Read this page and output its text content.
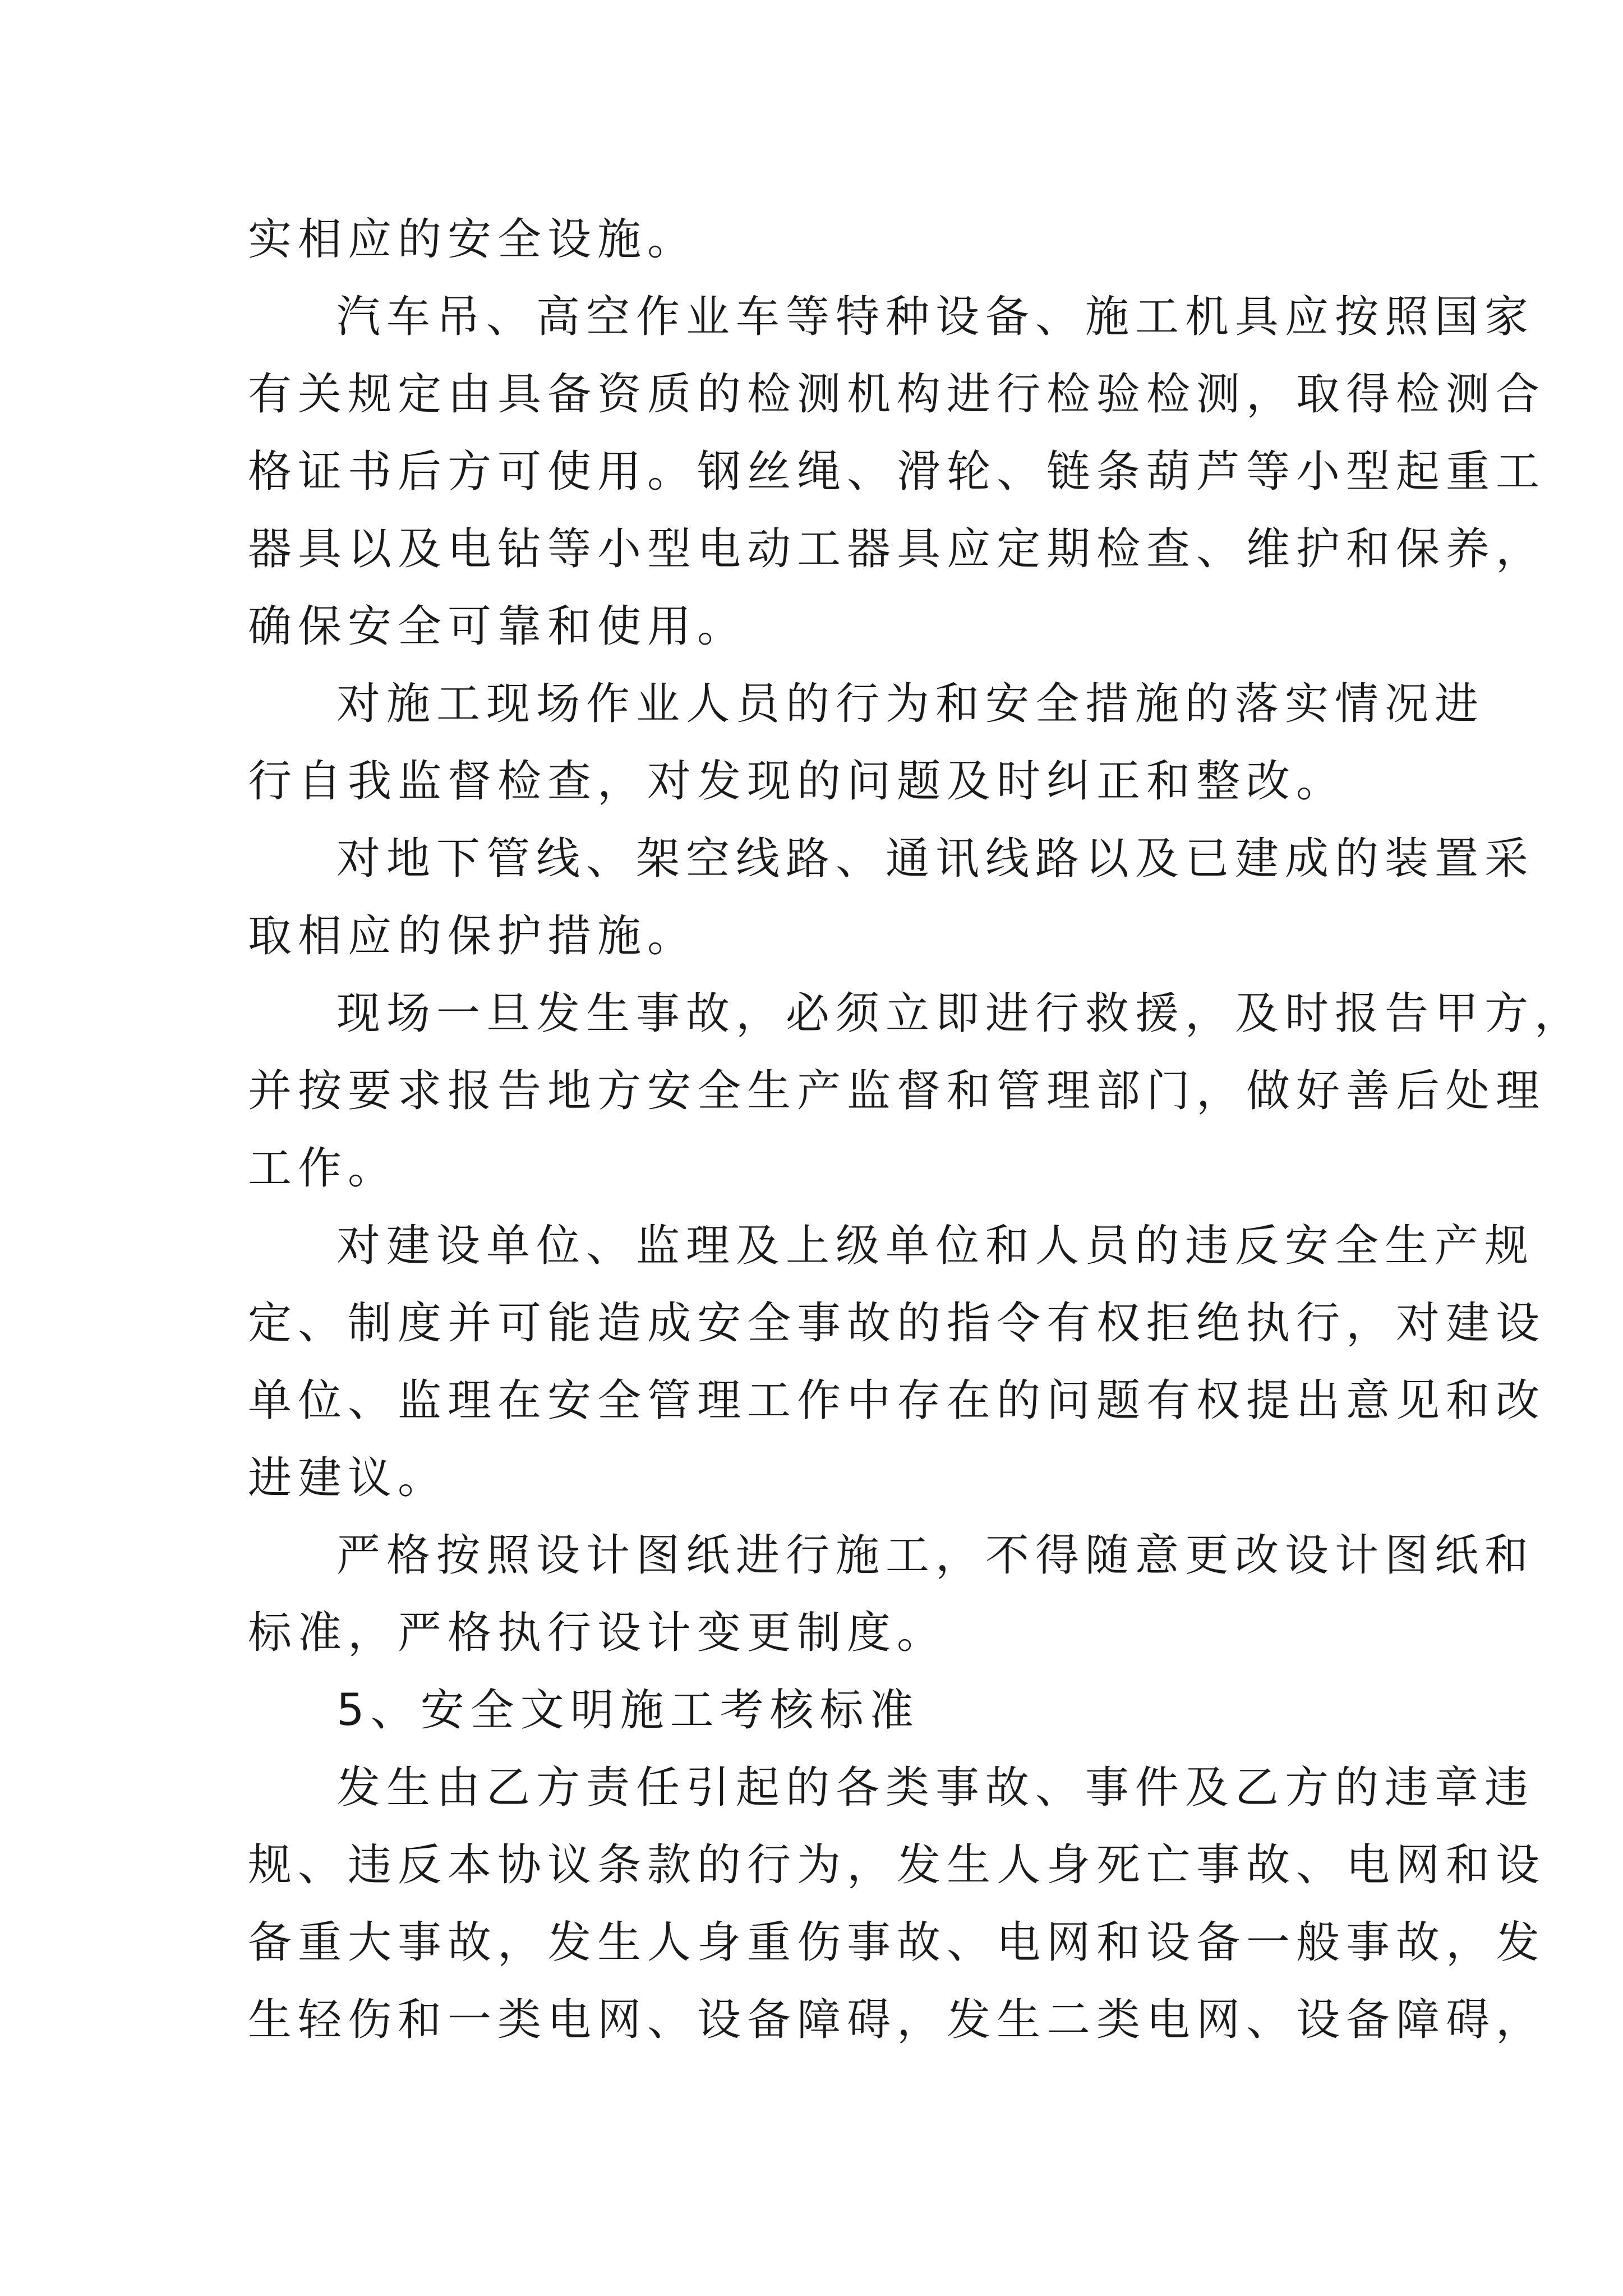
实相应的安全设施。
汽车吊、高空作业车等特种设备、施工机具应按照国家
有关规定由具备资质的检测机构进行检验检测，取得检测合
格证书后方可使用。钢丝绳、滑轮、链条葫芦等小型起重工
器具以及电钻等小型电动工器具应定期检查、维护和保养，
确保安全可靠和使用。
对施工现场作业人员的行为和安全措施的落实情况进
行自我监督检查，对发现的问题及时纠正和整改。
对地下管线、架空线路、通讯线路以及已建成的装置采
取相应的保护措施。
现场一旦发生事故，必须立即进行救援，及时报告甲方，
并按要求报告地方安全生产监督和管理部门，做好善后处理
工作。
对建设单位、监理及上级单位和人员的违反安全生产规
定、制度并可能造成安全事故的指令有权拒绝执行，对建设
单位、监理在安全管理工作中存在的问题有权提出意见和改
进建议。
严格按照设计图纸进行施工，不得随意更改设计图纸和
标准，严格执行设计变更制度。
5、安全文明施工考核标准
发生由乙方责任引起的各类事故、事件及乙方的违章违
规、违反本协议条款的行为，发生人身死亡事故、电网和设
备重大事故，发生人身重伤事故、电网和设备一般事故，发
生轻伤和一类电网、设备障碍，发生二类电网、设备障碍，
